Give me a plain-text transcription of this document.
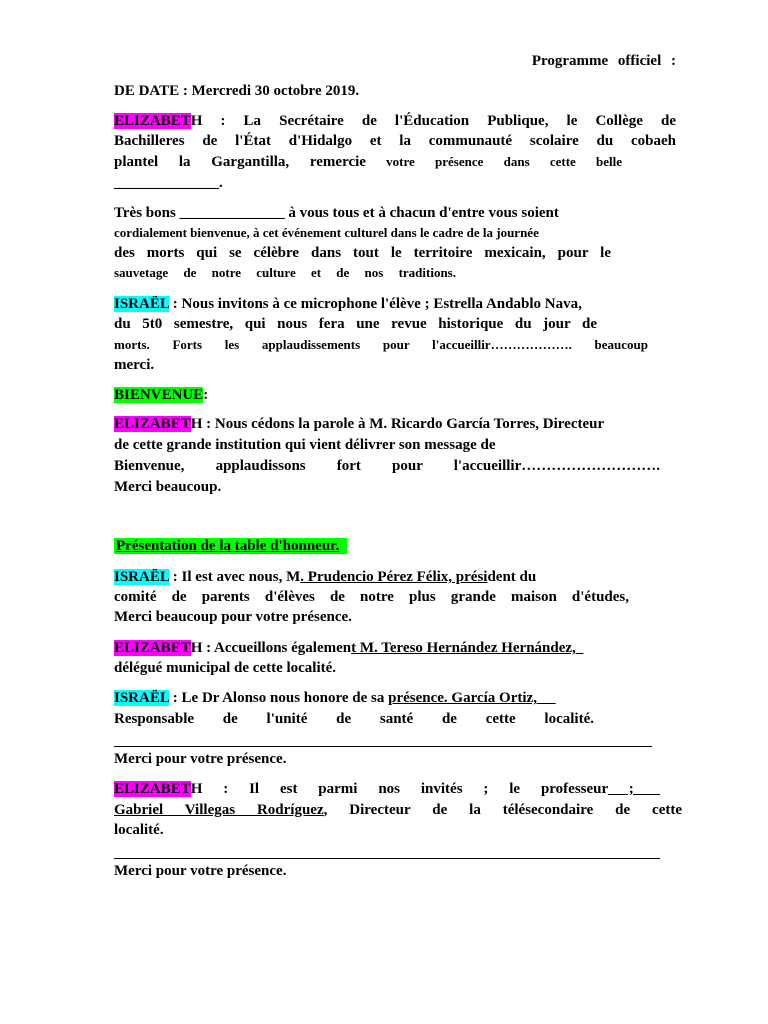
Programme officiel :
DE DATE : Mercredi 30 octobre 2019.
ELIZABETH : La Secrétaire de l'Éducation Publique, le Collège de
Bachilleres de l'État d'Hidalgo et la communauté scolaire du cobaeh
plantel la Gargantilla, remercie votre présence dans cette belle
______________.
Très bons ______________ à vous tous et à chacun d'entre vous soient
cordialement bienvenue, à cet événement culturel dans le cadre de la journée
des morts qui se célèbre dans tout le territoire mexicain, pour le
sauvetage de notre culture et de nos traditions.
ISRAËL : Nous invitons à ce microphone l'élève ; Estrella Andablo Nava,
du 5t0 semestre, qui nous fera une revue historique du jour de
morts. Forts les applaudissements pour l'accueillir………………. beaucoup
merci.
BIENVENUE:
ELIZABETH : Nous cédons la parole à M. Ricardo García Torres, Directeur
de cette grande institution qui vient délivrer son message de
Bienvenue, applaudissons fort pour l'accueillir……………………….
Merci beaucoup.
Présentation de la table d'honneur.
ISRAËL : Il est avec nous, M. Prudencio Pérez Félix, président du
comité de parents d'élèves de notre plus grande maison d'études,
Merci beaucoup pour votre présence.
ELIZABETH : Accueillons également M. Tereso Hernández Hernández,
délégué municipal de cette localité.
ISRAËL : Le Dr Alonso nous honore de sa présence. García Ortiz,
Responsable de l'unité de santé de cette localité.
Merci pour votre présence.
ELIZABETH : Il est parmi nos invités ; le professeur ;
Gabriel Villegas Rodríguez, Directeur de la télésecondaire de cette
localité.
Merci pour votre présence.
